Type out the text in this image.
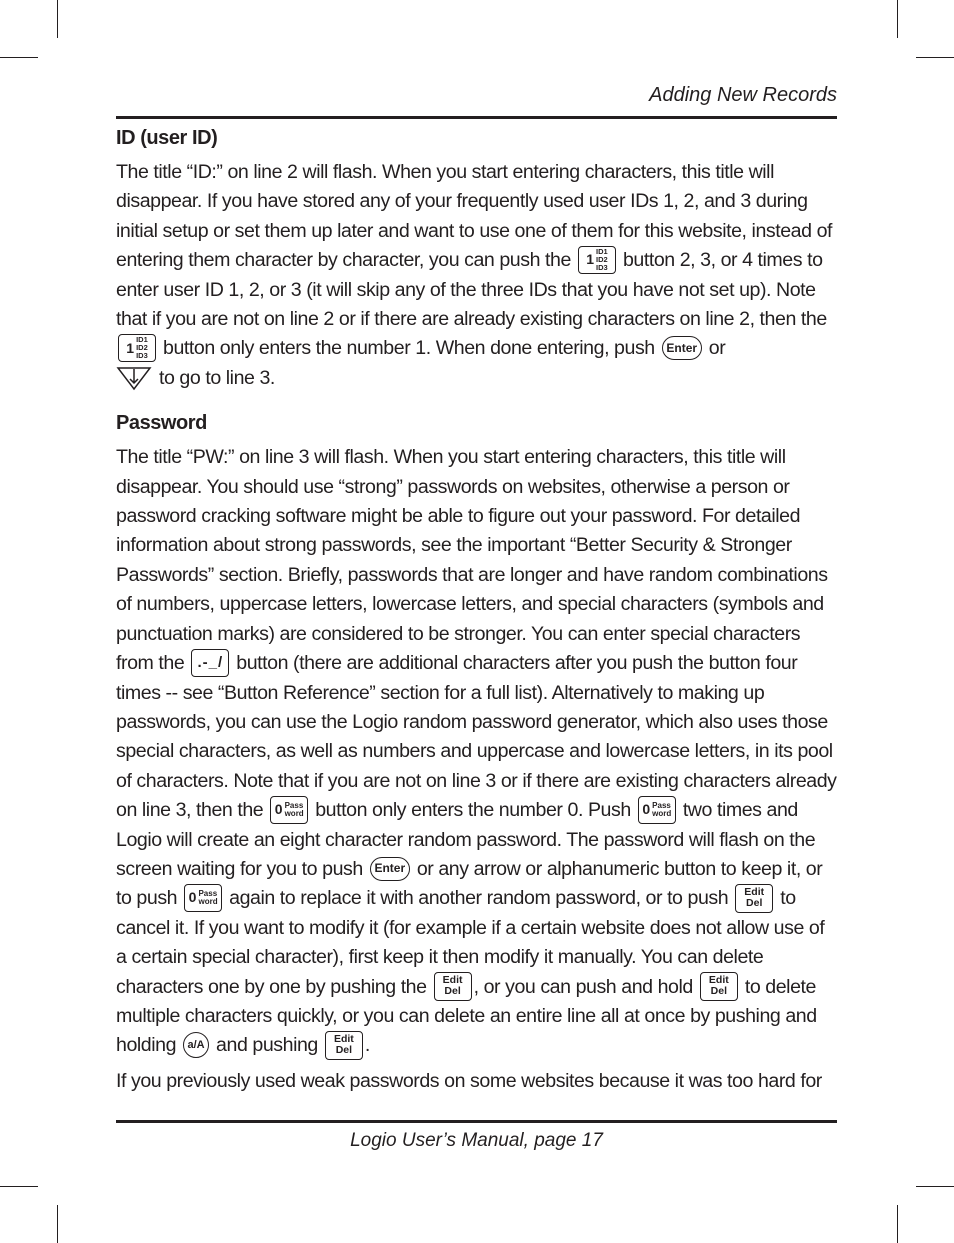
Adding New Records
ID (user ID)

The title “ID:” on line 2 will flash. When you start entering characters, this title will disappear. If you have stored any of your frequently used user IDs 1, 2, and 3 during initial setup or set them up later and want to use one of them for this website, instead of entering them character by character, you can push the 1 ID1
ID2
ID3 button 2, 3, or 4 times to enter user ID 1, 2, or 3 (it will skip any of the three IDs that you have not set up). Note that if you are not on line 2 or if there are already existing characters on line 2, then the
1 ID1
ID2
ID3 button only enters the number 1. When done entering, push Enter or

to go to line 3.

Password

The title “PW:” on line 3 will flash. When you start entering characters, this title will disappear. You should use “strong” passwords on websites, otherwise a person or password cracking software might be able to figure out your password. For detailed information about strong passwords, see the important “Better Security & Stronger Passwords” section. Briefly, passwords that are longer and have random combinations of numbers, uppercase letters, lowercase letters, and special characters (symbols and punctuation marks) are considered to be stronger. You can enter special characters from the .-_/ button (there are additional characters after you push the button four times -- see “Button Reference” section for a full list). Alternatively to making up passwords, you can use the Logio random password generator, which also uses those special characters, as well as numbers and uppercase and lowercase letters, in its pool of characters. Note that if you are not on line 3 or if there are existing characters already on line 3, then the 0 Pass
word button only enters the number 0. Push 0 Pass
word two times and Logio will create an eight character random password. The password will flash on the screen waiting for you to push Enter or any arrow or alphanumeric button to keep it, or to push 0 Pass
word again to replace it with another random password, or to push Edit
Del to cancel it. If you want to modify it (for example if a certain website does not allow use of a certain special character), first keep it then modify it manually. You can delete characters one by one by pushing the Edit
Del , or you can push and hold Edit
Del to delete multiple characters quickly, or you can delete an entire line all at once by pushing and holding a/A and pushing Edit
Del .

If you previously used weak passwords on some websites because it was too hard for

Logio User’s Manual, page 17
